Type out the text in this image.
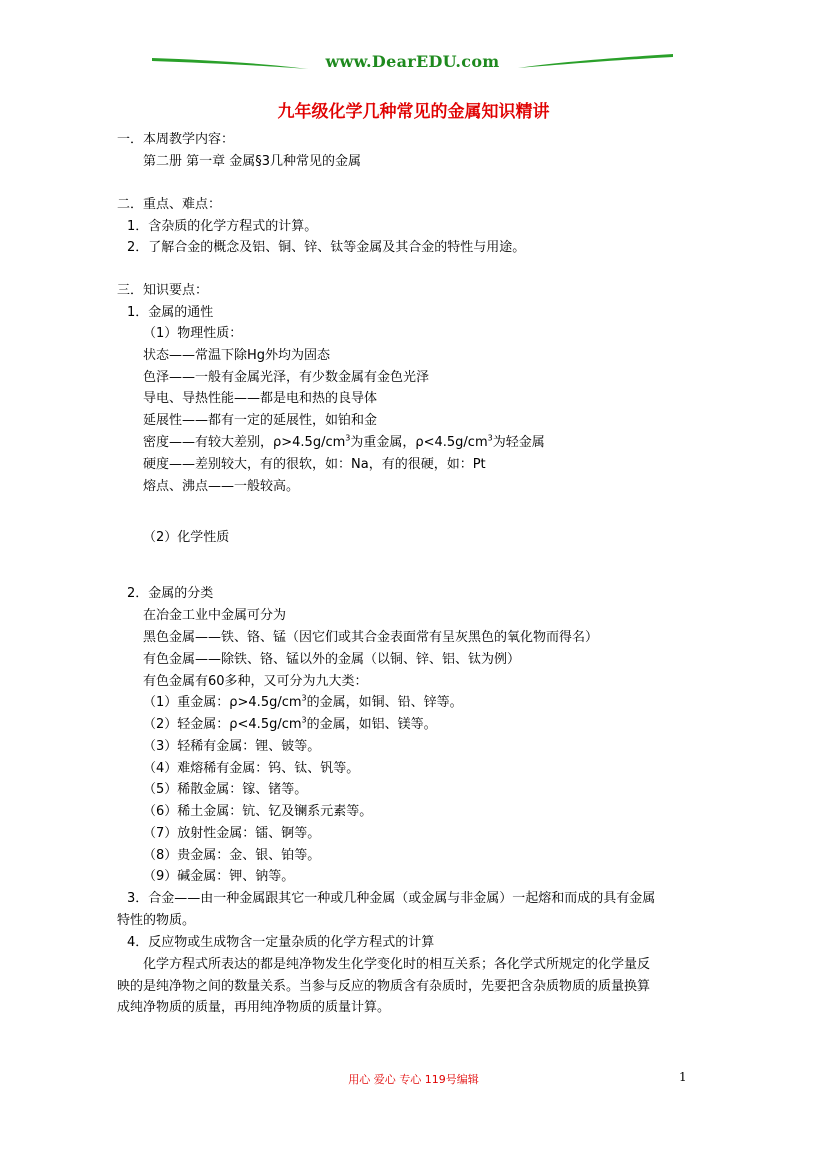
www.DearEDU.com
九年级化学几种常见的金属知识精讲
一．本周教学内容：
第二册 第一章 金属§3几种常见的金属
二．重点、难点：
1．含杂质的化学方程式的计算。
2．了解合金的概念及铝、铜、锌、钛等金属及其合金的特性与用途。
三．知识要点：
1．金属的通性
（1）物理性质：
状态——常温下除Hg外均为固态
色泽——一般有金属光泽，有少数金属有金色光泽
导电、导热性能——都是电和热的良导体
延展性——都有一定的延展性，如铂和金
密度——有较大差别，$\rho>4.5g/cm^3$为重金属，$\rho<4.5g/cm^3$为轻金属
硬度——差别较大，有的很软，如：Na，有的很硬，如：Pt
熔点、沸点——一般较高。
（2）化学性质
2．金属的分类
在冶金工业中金属可分为
黑色金属——铁、铬、锰（因它们或其合金表面常有呈灰黑色的氧化物而得名）
有色金属——除铁、铬、锰以外的金属（以铜、锌、铝、钛为例）
有色金属有60多种，又可分为九大类：
（1）重金属：$\rho>4.5g/cm^3$的金属，如铜、铅、锌等。
（2）轻金属：$\rho<4.5g/cm^3$的金属，如铝、镁等。
（3）轻稀有金属：锂、铍等。
（4）难熔稀有金属：钨、钛、钒等。
（5）稀散金属：镓、锗等。
（6）稀土金属：钪、钇及镧系元素等。
（7）放射性金属：镭、锕等。
（8）贵金属：金、银、铂等。
（9）碱金属：钾、钠等。
3．合金——由一种金属跟其它一种或几种金属（或金属与非金属）一起熔和而成的具有金属
特性的物质。
4．反应物或生成物含一定量杂质的化学方程式的计算
化学方程式所表达的都是纯净物发生化学变化时的相互关系；各化学式所规定的化学量反
映的是纯净物之间的数量关系。当参与反应的物质含有杂质时，先要把含杂质物质的质量换算
成纯净物质的质量，再用纯净物质的质量计算。
用心 爱心 专心 119号编辑	1
